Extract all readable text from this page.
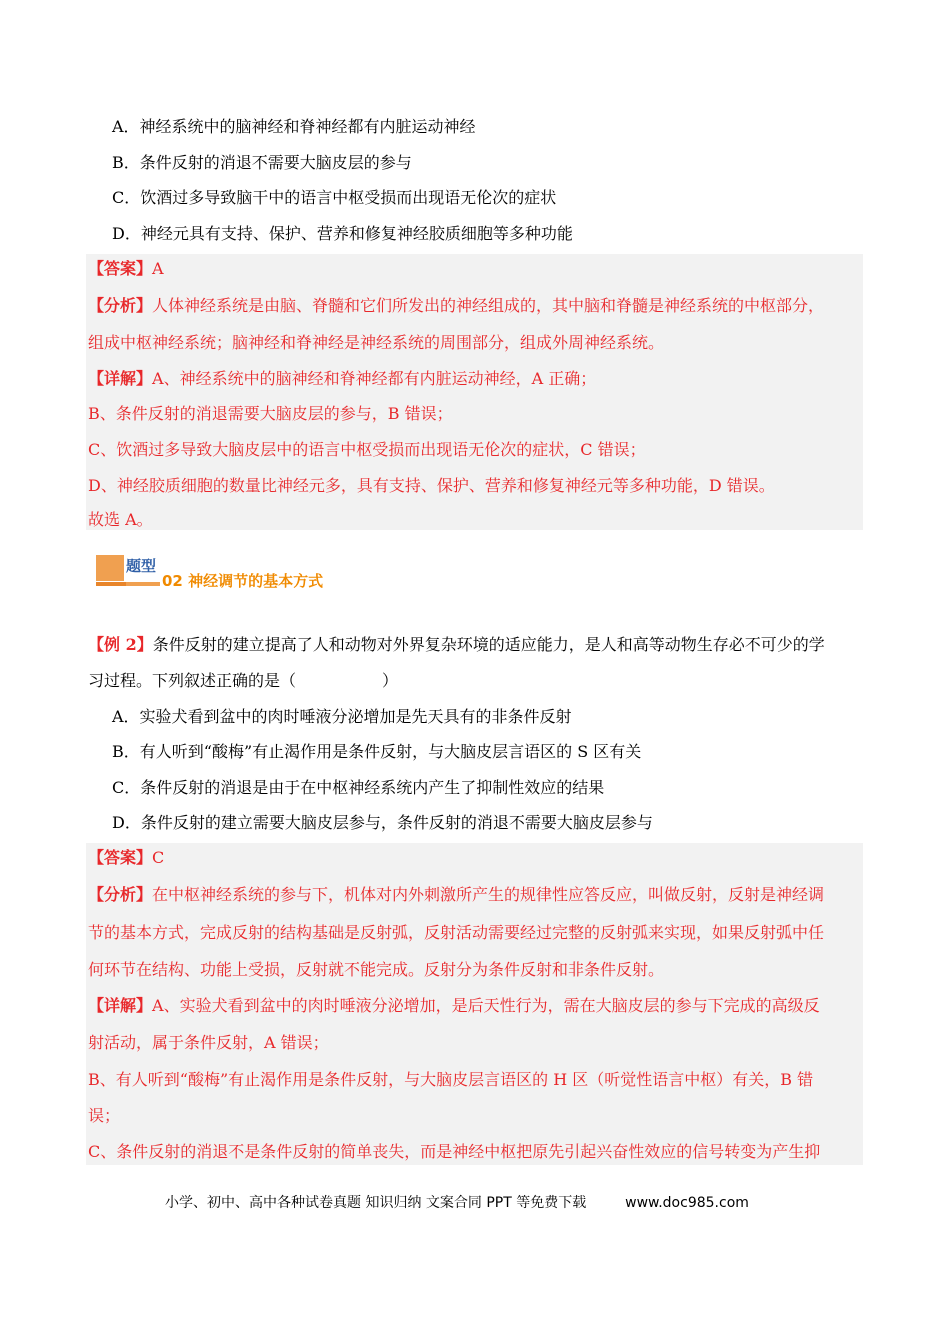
A．神经系统中的脑神经和脊神经都有内脏运动神经
B．条件反射的消退不需要大脑皮层的参与
C．饮酒过多导致脑干中的语言中枢受损而出现语无伦次的症状
D．神经元具有支持、保护、营养和修复神经胶质细胞等多种功能
【答案】A
【分析】人体神经系统是由脑、脊髓和它们所发出的神经组成的，其中脑和脊髓是神经系统的中枢部分，
组成中枢神经系统；脑神经和脊神经是神经系统的周围部分，组成外周神经系统。
【详解】A、神经系统中的脑神经和脊神经都有内脏运动神经，A 正确；
B、条件反射的消退需要大脑皮层的参与，B 错误；
C、饮酒过多导致大脑皮层中的语言中枢受损而出现语无伦次的症状，C 错误；
D、神经胶质细胞的数量比神经元多，具有支持、保护、营养和修复神经元等多种功能，D 错误。
故选 A。
题型
02 神经调节的基本方式
【例 2】条件反射的建立提高了人和动物对外界复杂环境的适应能力，是人和高等动物生存必不可少的学
习过程。下列叙述正确的是（	）
A．实验犬看到盆中的肉时唾液分泌增加是先天具有的非条件反射
B．有人听到“酸梅”有止渴作用是条件反射，与大脑皮层言语区的 S 区有关
C．条件反射的消退是由于在中枢神经系统内产生了抑制性效应的结果
D．条件反射的建立需要大脑皮层参与，条件反射的消退不需要大脑皮层参与
【答案】C
【分析】在中枢神经系统的参与下，机体对内外刺激所产生的规律性应答反应，叫做反射，反射是神经调
节的基本方式，完成反射的结构基础是反射弧，反射活动需要经过完整的反射弧来实现，如果反射弧中任
何环节在结构、功能上受损，反射就不能完成。反射分为条件反射和非条件反射。
【详解】A、实验犬看到盆中的肉时唾液分泌增加，是后天性行为，需在大脑皮层的参与下完成的高级反
射活动，属于条件反射，A 错误；
B、有人听到“酸梅”有止渴作用是条件反射，与大脑皮层言语区的 H 区（听觉性语言中枢）有关，B 错
误；
C、条件反射的消退不是条件反射的简单丧失，而是神经中枢把原先引起兴奋性效应的信号转变为产生抑
小学、初中、高中各种试卷真题 知识归纳 文案合同 PPT 等免费下载	www.doc985.com
